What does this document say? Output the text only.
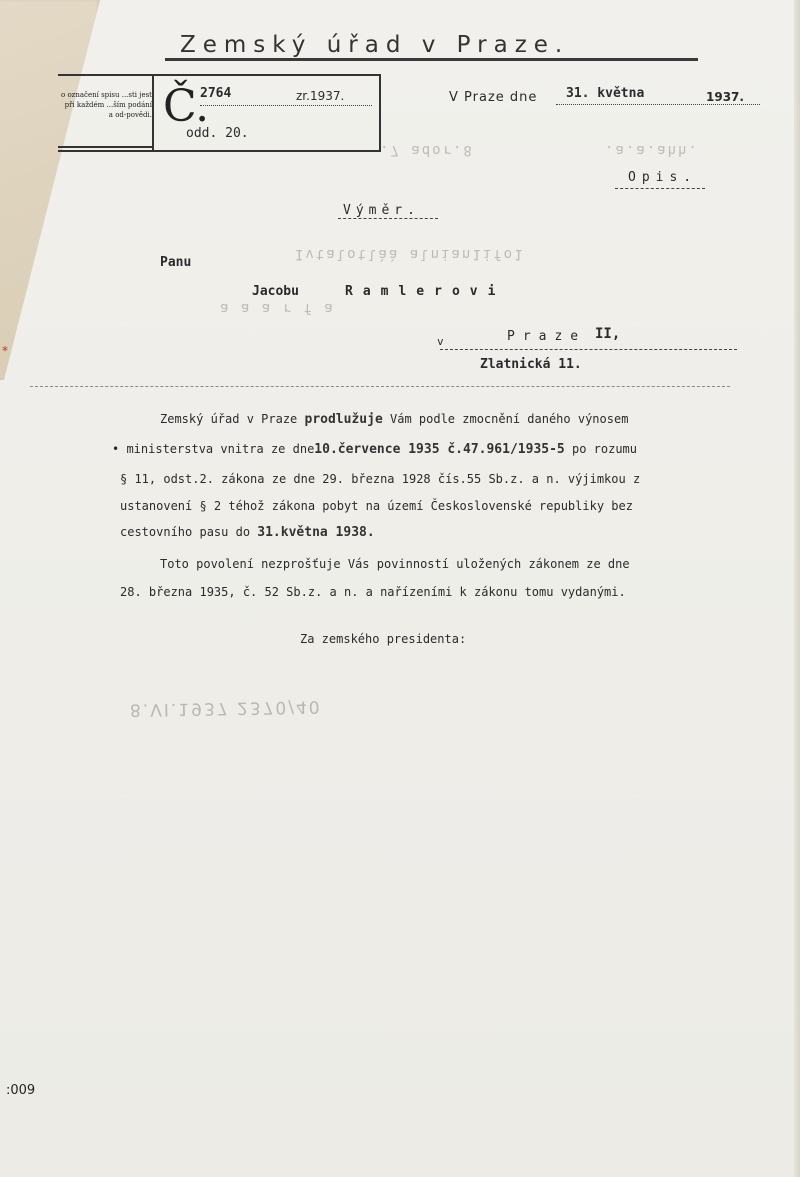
⁎
Zemský úřad v Praze.
o označení spisu ...sti jest při každém ...ším podání a od-povědi. Č.
2764	zr.1937.
odd. 20.
V Praze dne 31. května	1937.
.7 ador.8	.a.a.ahh.
Ivtalotlàà alnian1ifo1
a a a r f a
Opis.
Výměr.
Panu
Jacobu	Ramlerovi
v	Praze II,
Zlatnická 11.
Zemský úřad v Praze prodlužuje Vám podle zmocnění daného výnosem
• ministerstva vnitra ze dne10.července 1935 č.47.961/1935-5 po rozumu
§ 11, odst.2. zákona ze dne 29. března 1928 čís.55 Sb.z. a n. výjimkou z
ustanovení § 2 téhož zákona pobyt na území Československé republiky bez
cestovního pasu do 31.května 1938.
Toto povolení nezprošťuje Vás povinností uložených zákonem ze dne
28. března 1935, č. 52 Sb.z. a n. a nařízeními k zákonu tomu vydanými.
Za zemského presidenta:
8.VI.1937 2370/40
:009
